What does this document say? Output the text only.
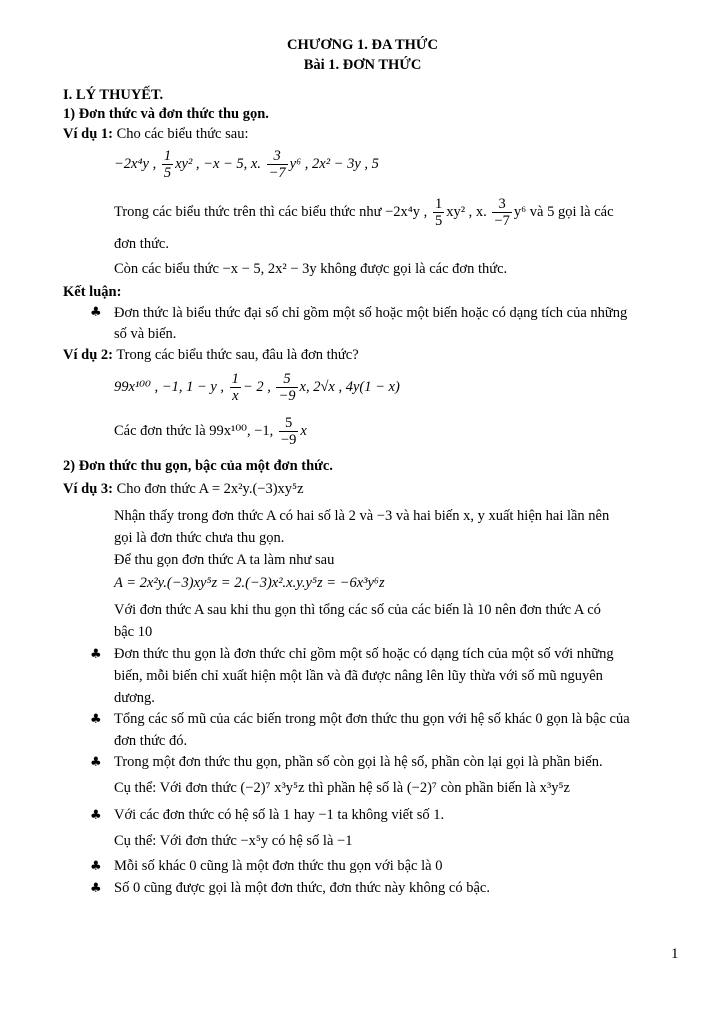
CHƯƠNG 1. ĐA THỨC
Bài 1. ĐƠN THỨC
I. LÝ THUYẾT.
1) Đơn thức và đơn thức thu gọn.
Ví dụ 1: Cho các biểu thức sau:
−2x⁴y , $\frac{1}{5} xy^2$ , −x − 5, x. $\frac{3}{-7} y^6$ , 2x² − 3y , 5
Trong các biểu thức trên thì các biểu thức như −2x⁴y , $\frac{1}{5} xy^2$ , x. $\frac{3}{-7} y^6$ và 5 gọi là các
đơn thức.
Còn các biểu thức −x − 5, 2x² − 3y không được gọi là các đơn thức.
Kết luận:
♣ Đơn thức là biểu thức đại số chỉ gồm một số hoặc một biến hoặc có dạng tích của những
số và biến.
Ví dụ 2: Trong các biểu thức sau, đâu là đơn thức?
99x¹⁰⁰ , −1, 1 − y , $\frac{1}{x} - 2$ , $\frac{5}{-9} x$, 2√x , 4y(1 − x)
Các đơn thức là 99x¹⁰⁰, −1, $\frac{5}{-9}$ x
2) Đơn thức thu gọn, bậc của một đơn thức.
Ví dụ 3: Cho đơn thức A = 2x²y.(−3)xy⁵z
Nhận thấy trong đơn thức A có hai số là 2 và −3 và hai biến x, y xuất hiện hai lần nên
gọi là đơn thức chưa thu gọn.
Để thu gọn đơn thức A ta làm như sau
A = 2x²y.(−3)xy⁵z = 2.(−3)x².x.y.y⁵z = −6x³y⁶z
Với đơn thức A sau khi thu gọn thì tổng các số của các biến là 10 nên đơn thức A có
bậc 10
♣ Đơn thức thu gọn là đơn thức chỉ gồm một số hoặc có dạng tích của một số với những
biến, mỗi biến chỉ xuất hiện một lần và đã được nâng lên lũy thừa với số mũ nguyên
dương.
♣ Tổng các số mũ của các biến trong một đơn thức thu gọn với hệ số khác 0 gọn là bậc của
đơn thức đó.
♣ Trong một đơn thức thu gọn, phần số còn gọi là hệ số, phần còn lại gọi là phần biến.
Cụ thể: Với đơn thức (−2)⁷ x³y⁵z thì phần hệ số là (−2)⁷ còn phần biến là x³y⁵z
♣ Với các đơn thức có hệ số là 1 hay −1 ta không viết số 1.
Cụ thể: Với đơn thức −x⁵y có hệ số là −1
♣ Mỗi số khác 0 cũng là một đơn thức thu gọn với bậc là 0
♣ Số 0 cũng được gọi là một đơn thức, đơn thức này không có bậc.
1
